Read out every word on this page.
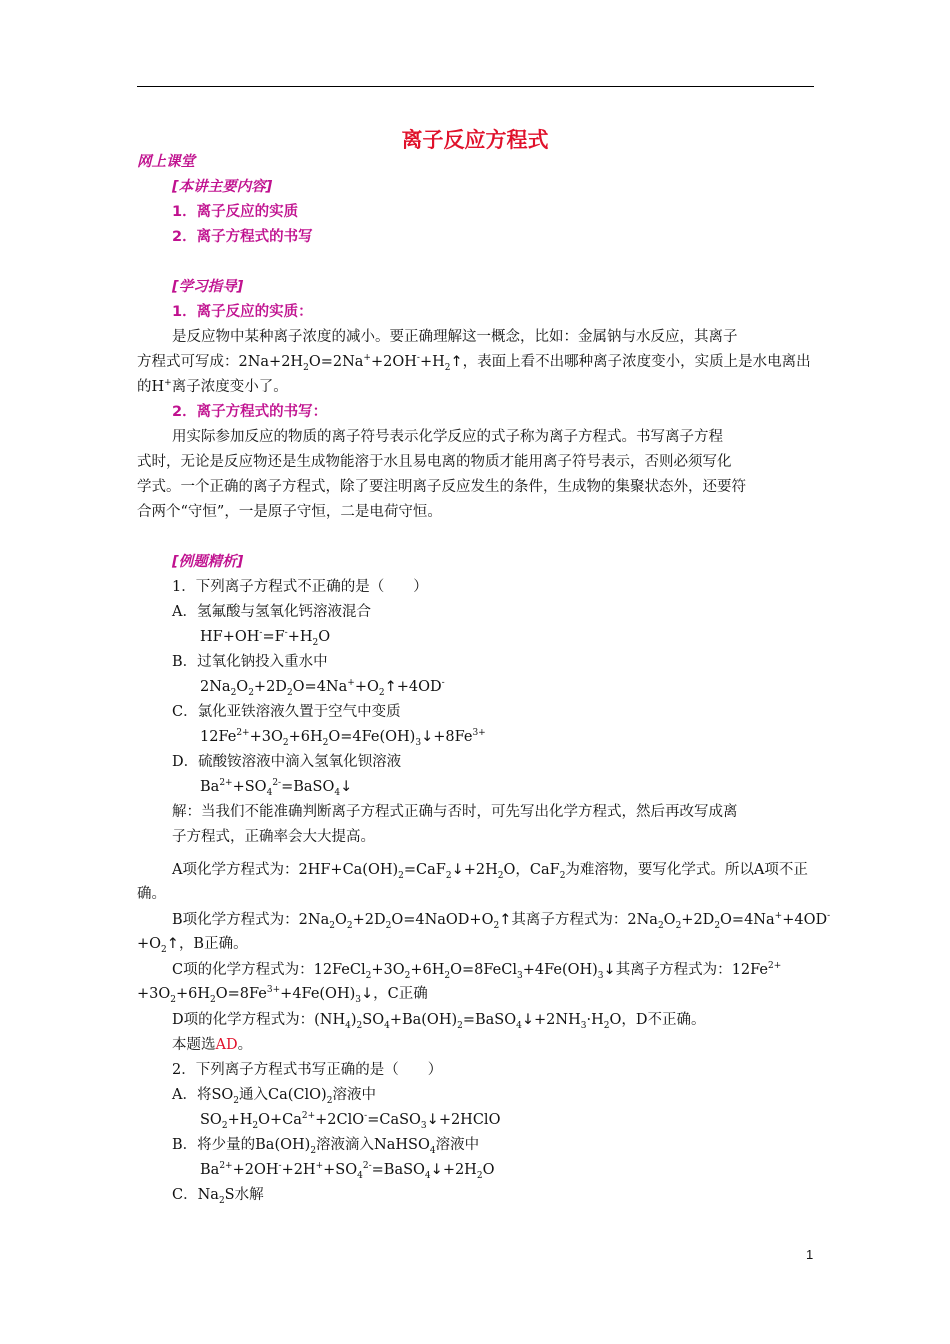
离子反应方程式
网上课堂
[本讲主要内容]
1．离子反应的实质
2．离子方程式的书写
[学习指导]
1．离子反应的实质：
是反应物中某种离子浓度的减小。要正确理解这一概念，比如：金属钠与水反应，其离子
方程式可写成：$2Na+2H_2O=2Na^++2OH^-+H_2↑$，表面上看不出哪种离子浓度变小，实质上是水电离出
的H+离子浓度变小了。
2．离子方程式的书写：
用实际参加反应的物质的离子符号表示化学反应的式子称为离子方程式。书写离子方程
式时，无论是反应物还是生成物能溶于水且易电离的物质才能用离子符号表示，否则必须写化
学式。一个正确的离子方程式，除了要注明离子反应发生的条件，生成物的集聚状态外，还要符
合两个“守恒”，一是原子守恒，二是电荷守恒。
[例题精析]
1．下列离子方程式不正确的是（　　）
A．氢氟酸与氢氧化钙溶液混合
$HF+OH^-=F^-+H_2O$
B．过氧化钠投入重水中
$2Na_2O_2+2D_2O=4Na^++O_2↑+4OD^-$
C．氯化亚铁溶液久置于空气中变质
$12Fe^{2+}+3O_2+6H_2O=4Fe(OH)_3↓+8Fe^{3+}$
D．硫酸铵溶液中滴入氢氧化钡溶液
$Ba^{2+}+SO_4^{2-}=BaSO_4↓$
解：当我们不能准确判断离子方程式正确与否时，可先写出化学方程式，然后再改写成离
子方程式，正确率会大大提高。
A项化学方程式为：$2HF+Ca(OH)_2=CaF_2↓+2H_2O$，CaF$_2$为难溶物，要写化学式。所以A项不正
确。
B项化学方程式为：$2Na_2O_2+2D_2O=4NaOD+O_2↑$其离子方程式为：$2Na_2O_2+2D_2O=4Na^++4OD^-$
$+O_2↑$，B正确。
C项的化学方程式为：$12FeCl_2+3O_2+6H_2O=8FeCl_3+4Fe(OH)_3↓$其离子方程式为：$12Fe^{2+}$
$+3O_2+6H_2O=8Fe^{3+}+4Fe(OH)_3↓$，C正确
D项的化学方程式为：$(NH_4)_2SO_4+Ba(OH)_2=BaSO_4↓+2NH_3\cdot H_2O$，D不正确。
本题选AD。
2．下列离子方程式书写正确的是（　　）
A．将$SO_2$通入$Ca(ClO)_2$溶液中
$SO_2+H_2O+Ca^{2+}+2ClO^-=CaSO_3↓+2HClO$
B．将少量的$Ba(OH)_2$溶液滴入NaHSO$_4$溶液中
$Ba^{2+}+2OH^-+2H^++SO_4^{2-}=BaSO_4↓+2H_2O$
C．$Na_2S$水解
1
